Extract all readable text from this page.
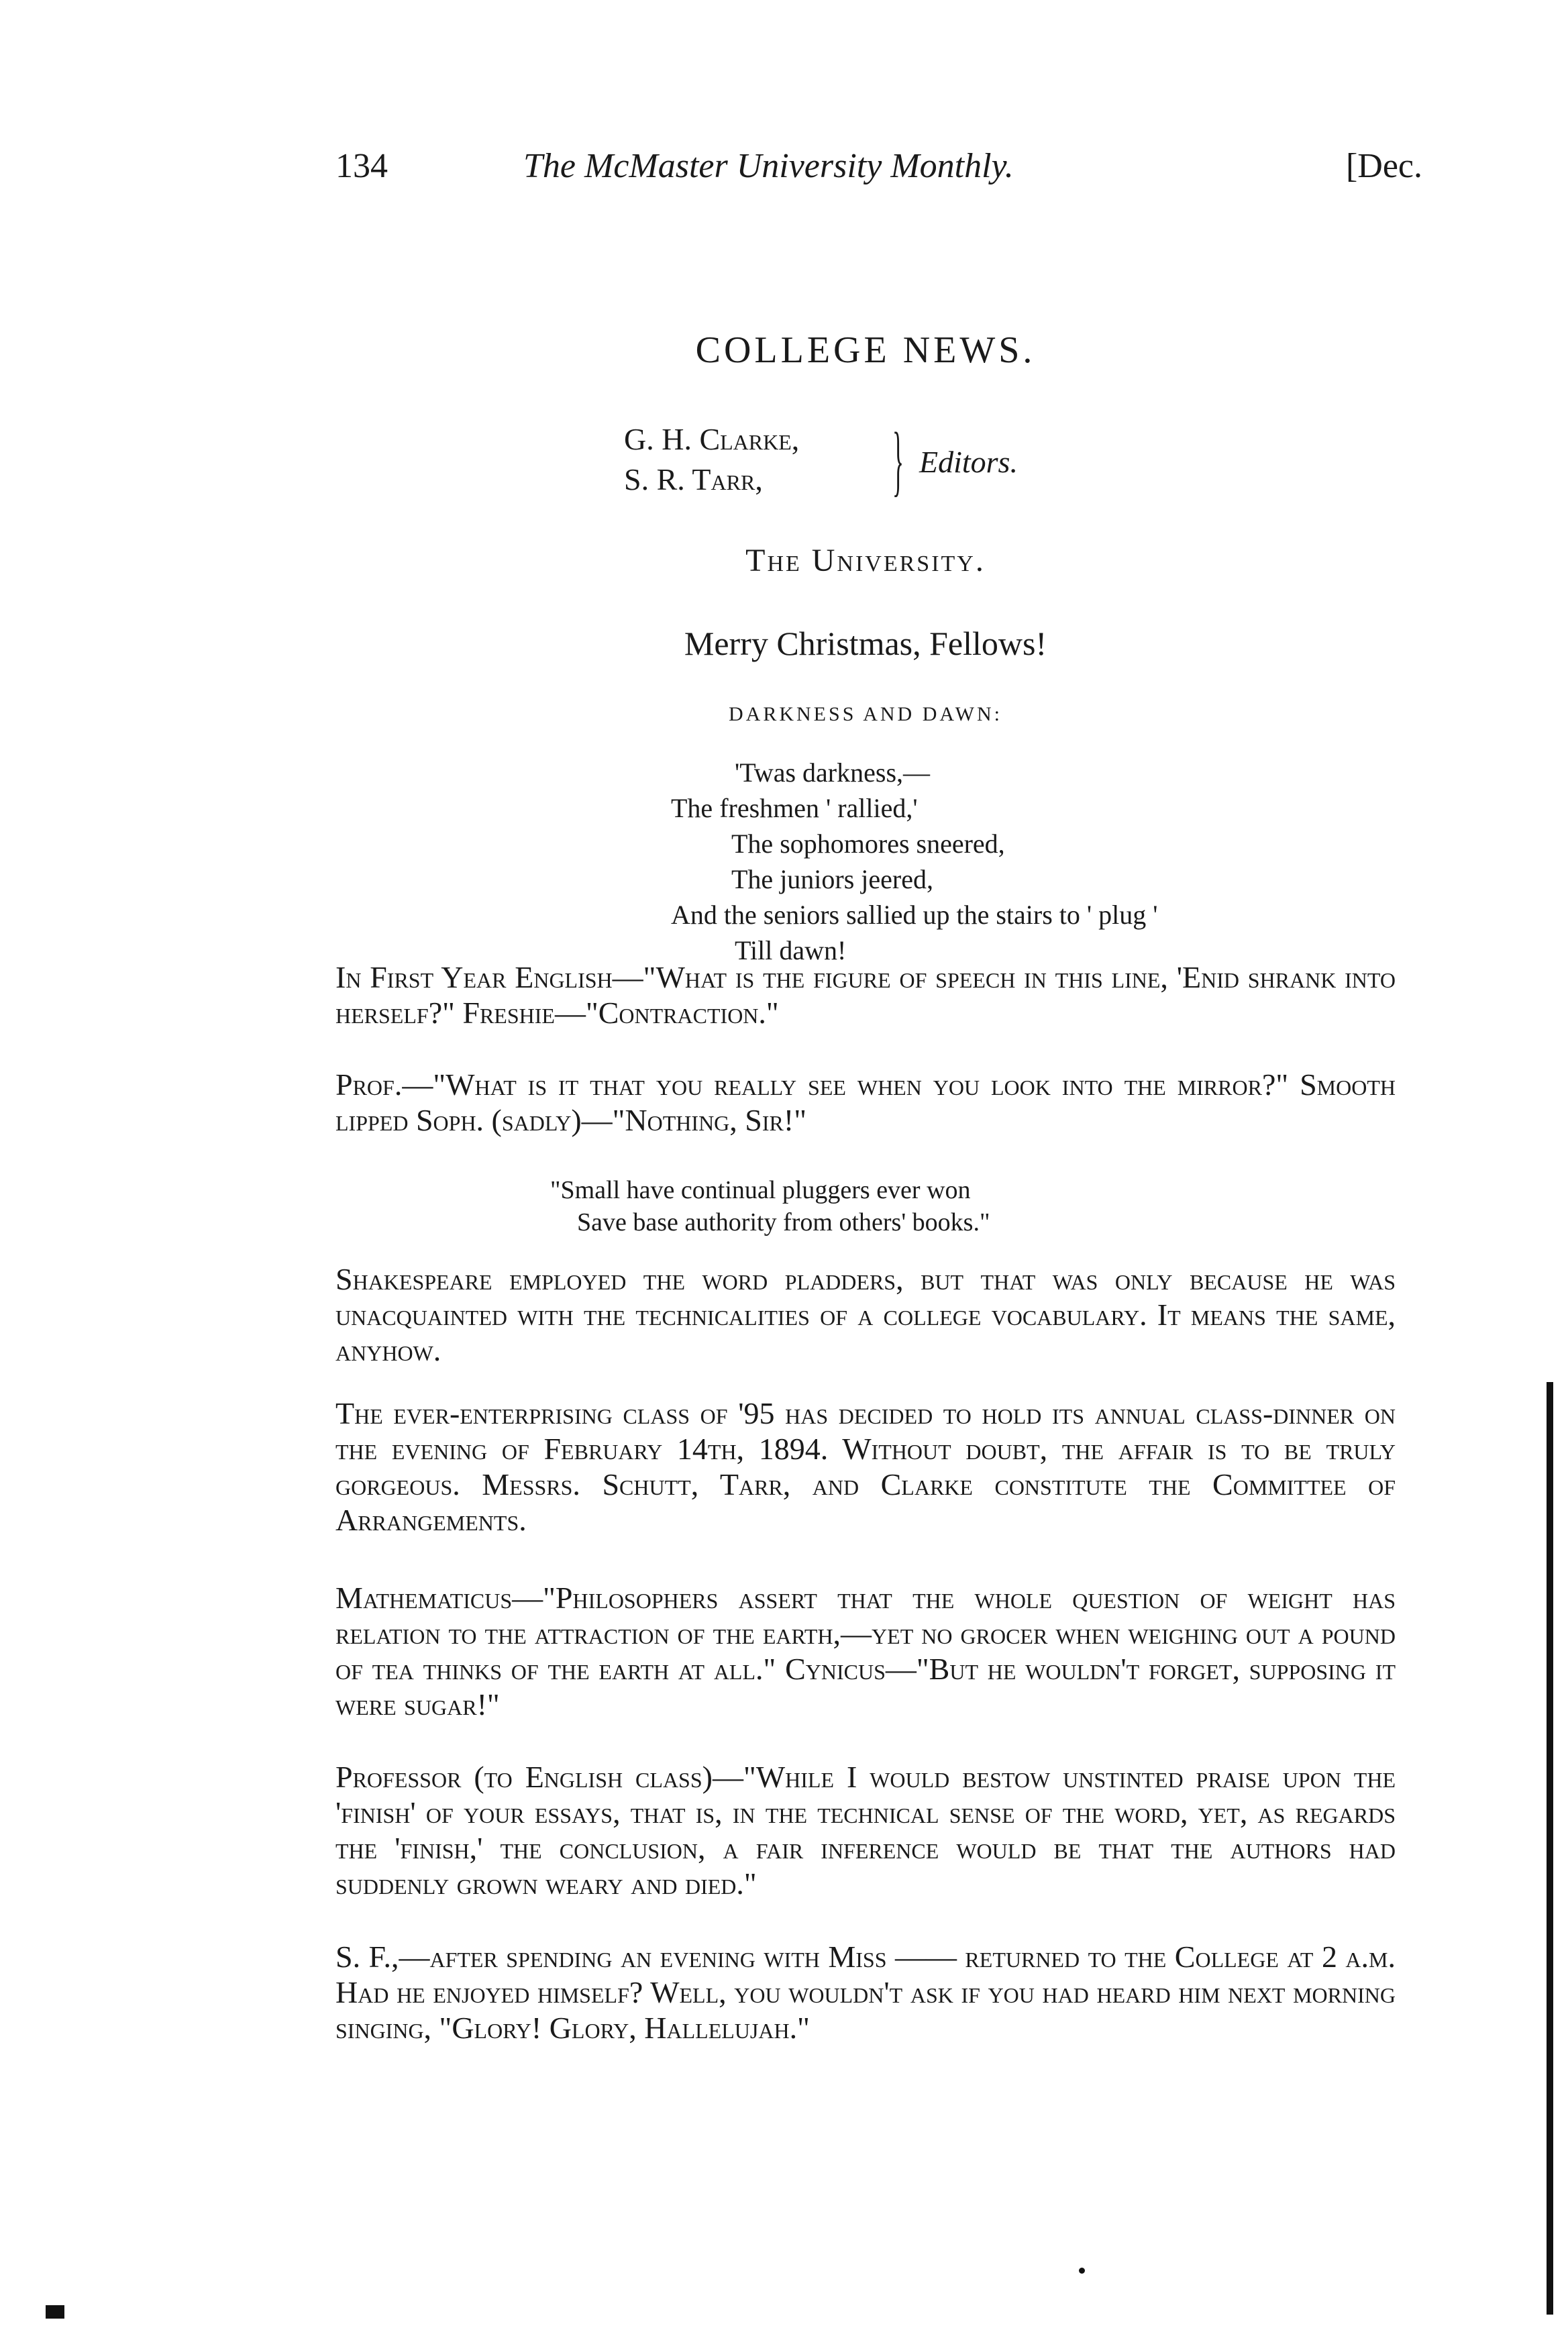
134	The McMaster University Monthly.	[Dec.
COLLEGE NEWS.
G. H. Clarke,
S. R. Tarr,	} Editors.
The University.
Merry Christmas, Fellows!
DARKNESS AND DAWN:
'Twas darkness,—
The freshmen ' rallied,'
The sophomores sneered,
The juniors jeered,
And the seniors sallied up the stairs to ' plug '
Till dawn!
In First Year English—"What is the figure of speech in this line, 'Enid shrank into herself?" Freshie—"Contraction."
Prof.—"What is it that you really see when you look into the mirror?" Smooth lipped Soph. (sadly)—"Nothing, Sir!"
"Small have continual pluggers ever won
Save base authority from others' books."
Shakespeare employed the word pladders, but that was only because he was unacquainted with the technicalities of a college vocabulary. It means the same, anyhow.
The ever-enterprising class of '95 has decided to hold its annual class-dinner on the evening of February 14th, 1894. Without doubt, the affair is to be truly gorgeous. Messrs. Schutt, Tarr, and Clarke constitute the Committee of Arrangements.
Mathematicus—"Philosophers assert that the whole question of weight has relation to the attraction of the earth,—yet no grocer when weighing out a pound of tea thinks of the earth at all." Cynicus—"But he wouldn't forget, supposing it were sugar!"
Professor (to English class)—"While I would bestow unstinted praise upon the 'finish' of your essays, that is, in the technical sense of the word, yet, as regards the 'finish,' the conclusion, a fair inference would be that the authors had suddenly grown weary and died."
S. F.,—after spending an evening with Miss —— returned to the College at 2 a.m. Had he enjoyed himself? Well, you wouldn't ask if you had heard him next morning singing, "Glory! Glory, Hallelujah."
